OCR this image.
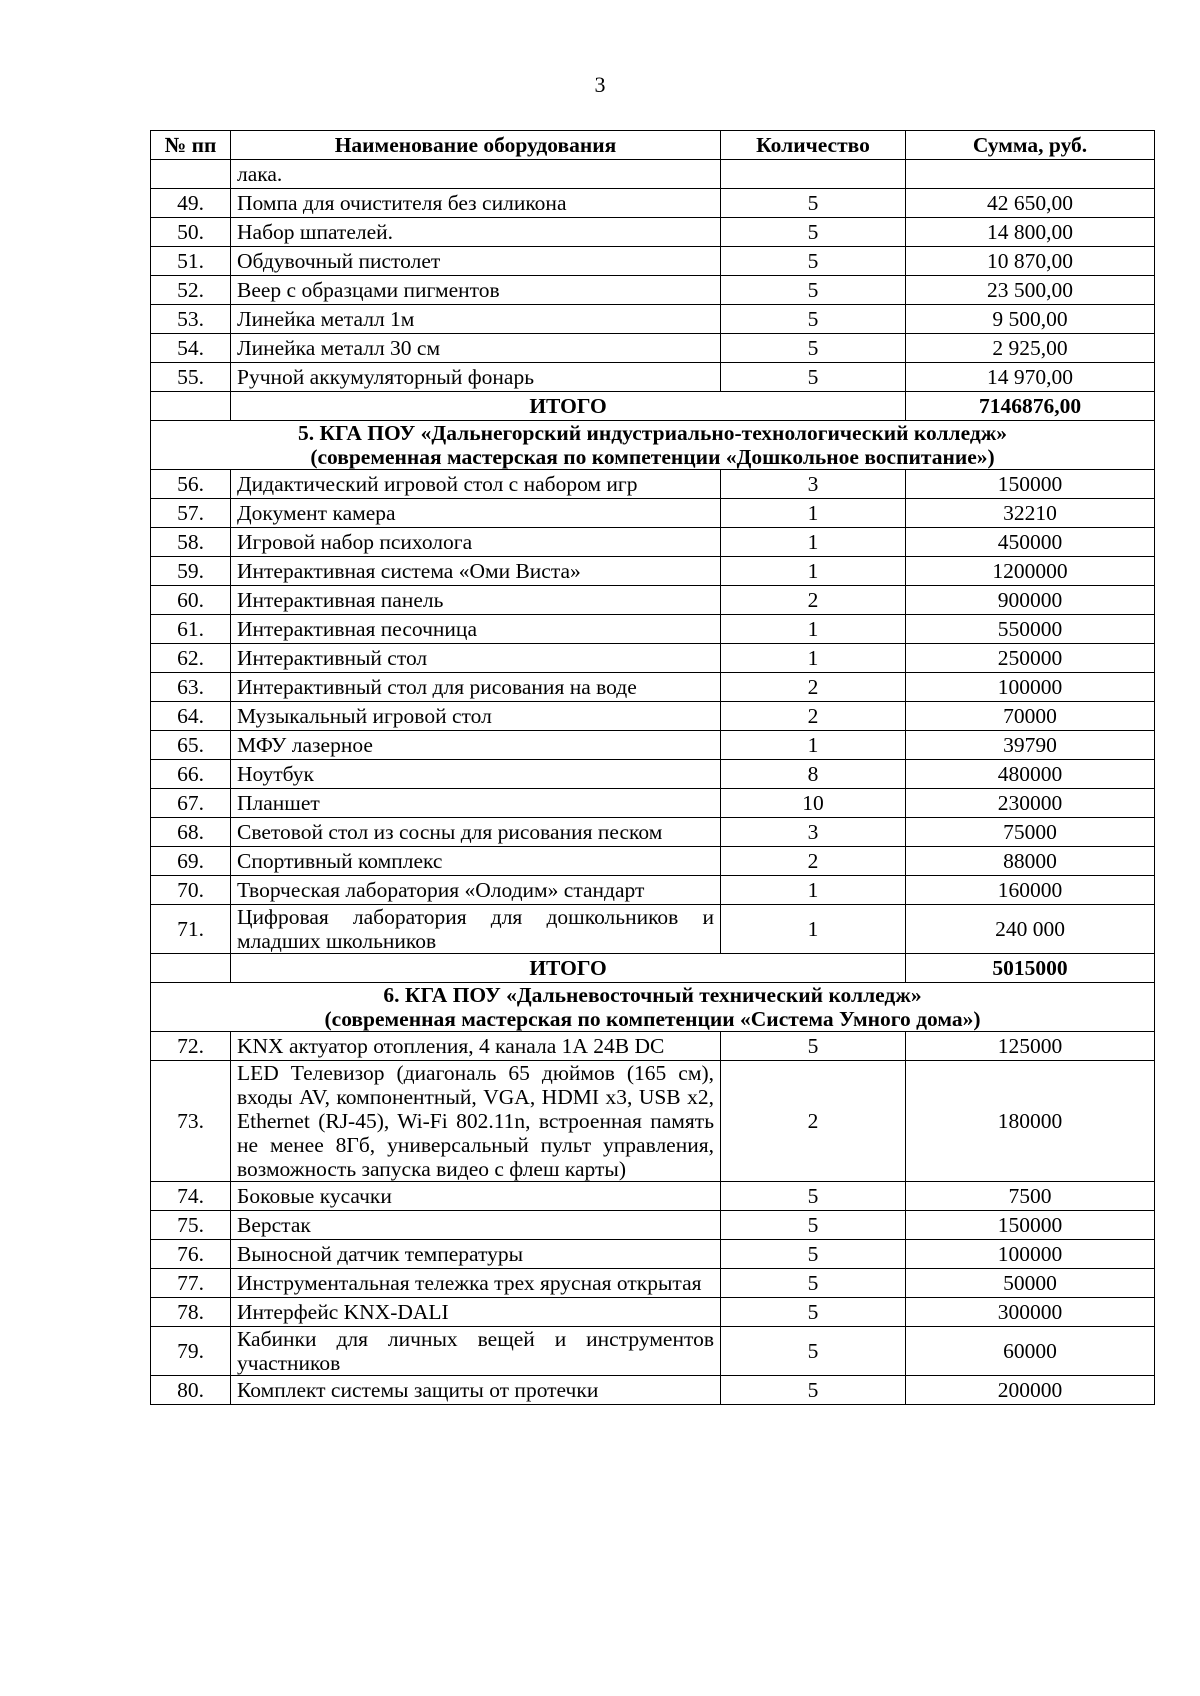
3
№ пп	Наименование оборудования	Количество	Сумма, руб.
	лака.		
49.	Помпа для очистителя без силикона	5	42 650,00
50.	Набор шпателей.	5	14 800,00
51.	Обдувочный пистолет	5	10 870,00
52.	Веер с образцами пигментов	5	23 500,00
53.	Линейка металл 1м	5	9 500,00
54.	Линейка металл 30 см	5	2 925,00
55.	Ручной аккумуляторный фонарь	5	14 970,00
	ИТОГО		7146876,00

5. КГА ПОУ «Дальнегорский индустриально-технологический колледж»
(современная мастерская по компетенции «Дошкольное воспитание»)			

56.	Дидактический игровой стол с набором игр	3	150000
57.	Документ камера	1	32210
58.	Игровой набор психолога	1	450000
59.	Интерактивная система «Оми Виста»	1	1200000
60.	Интерактивная панель	2	900000
61.	Интерактивная песочница	1	550000
62.	Интерактивный стол	1	250000
63.	Интерактивный стол для рисования на воде	2	100000
64.	Музыкальный игровой стол	2	70000
65.	МФУ лазерное	1	39790
66.	Ноутбук	8	480000
67.	Планшет	10	230000
68.	Световой стол из сосны для рисования песком	3	75000
69.	Спортивный комплекс	2	88000
70.	Творческая лаборатория «Олодим» стандарт	1	160000
71.	Цифровая лаборатория для дошкольников и младших школьников	1	240 000
	ИТОГО		5015000

6. КГА ПОУ «Дальневосточный технический колледж»
(современная мастерская по компетенции «Система Умного дома»)			

72.	KNX актуатор отопления, 4 канала 1А 24В DC	5	125000
73.	LED Телевизор (диагональ 65 дюймов (165 см), входы AV, компонентный, VGA, HDMI x3, USB x2, Ethernet (RJ-45), Wi-Fi 802.11n, встроенная память не менее 8Гб, универсальный пульт управления, возможность запуска видео с флеш карты)	2	180000
74.	Боковые кусачки	5	7500
75.	Верстак	5	150000
76.	Выносной датчик температуры	5	100000
77.	Инструментальная тележка трех ярусная открытая	5	50000
78.	Интерфейс KNX-DALI	5	300000
79.	Кабинки для личных вещей и инструментов участников	5	60000
80.	Комплект системы защиты от протечки	5	200000
